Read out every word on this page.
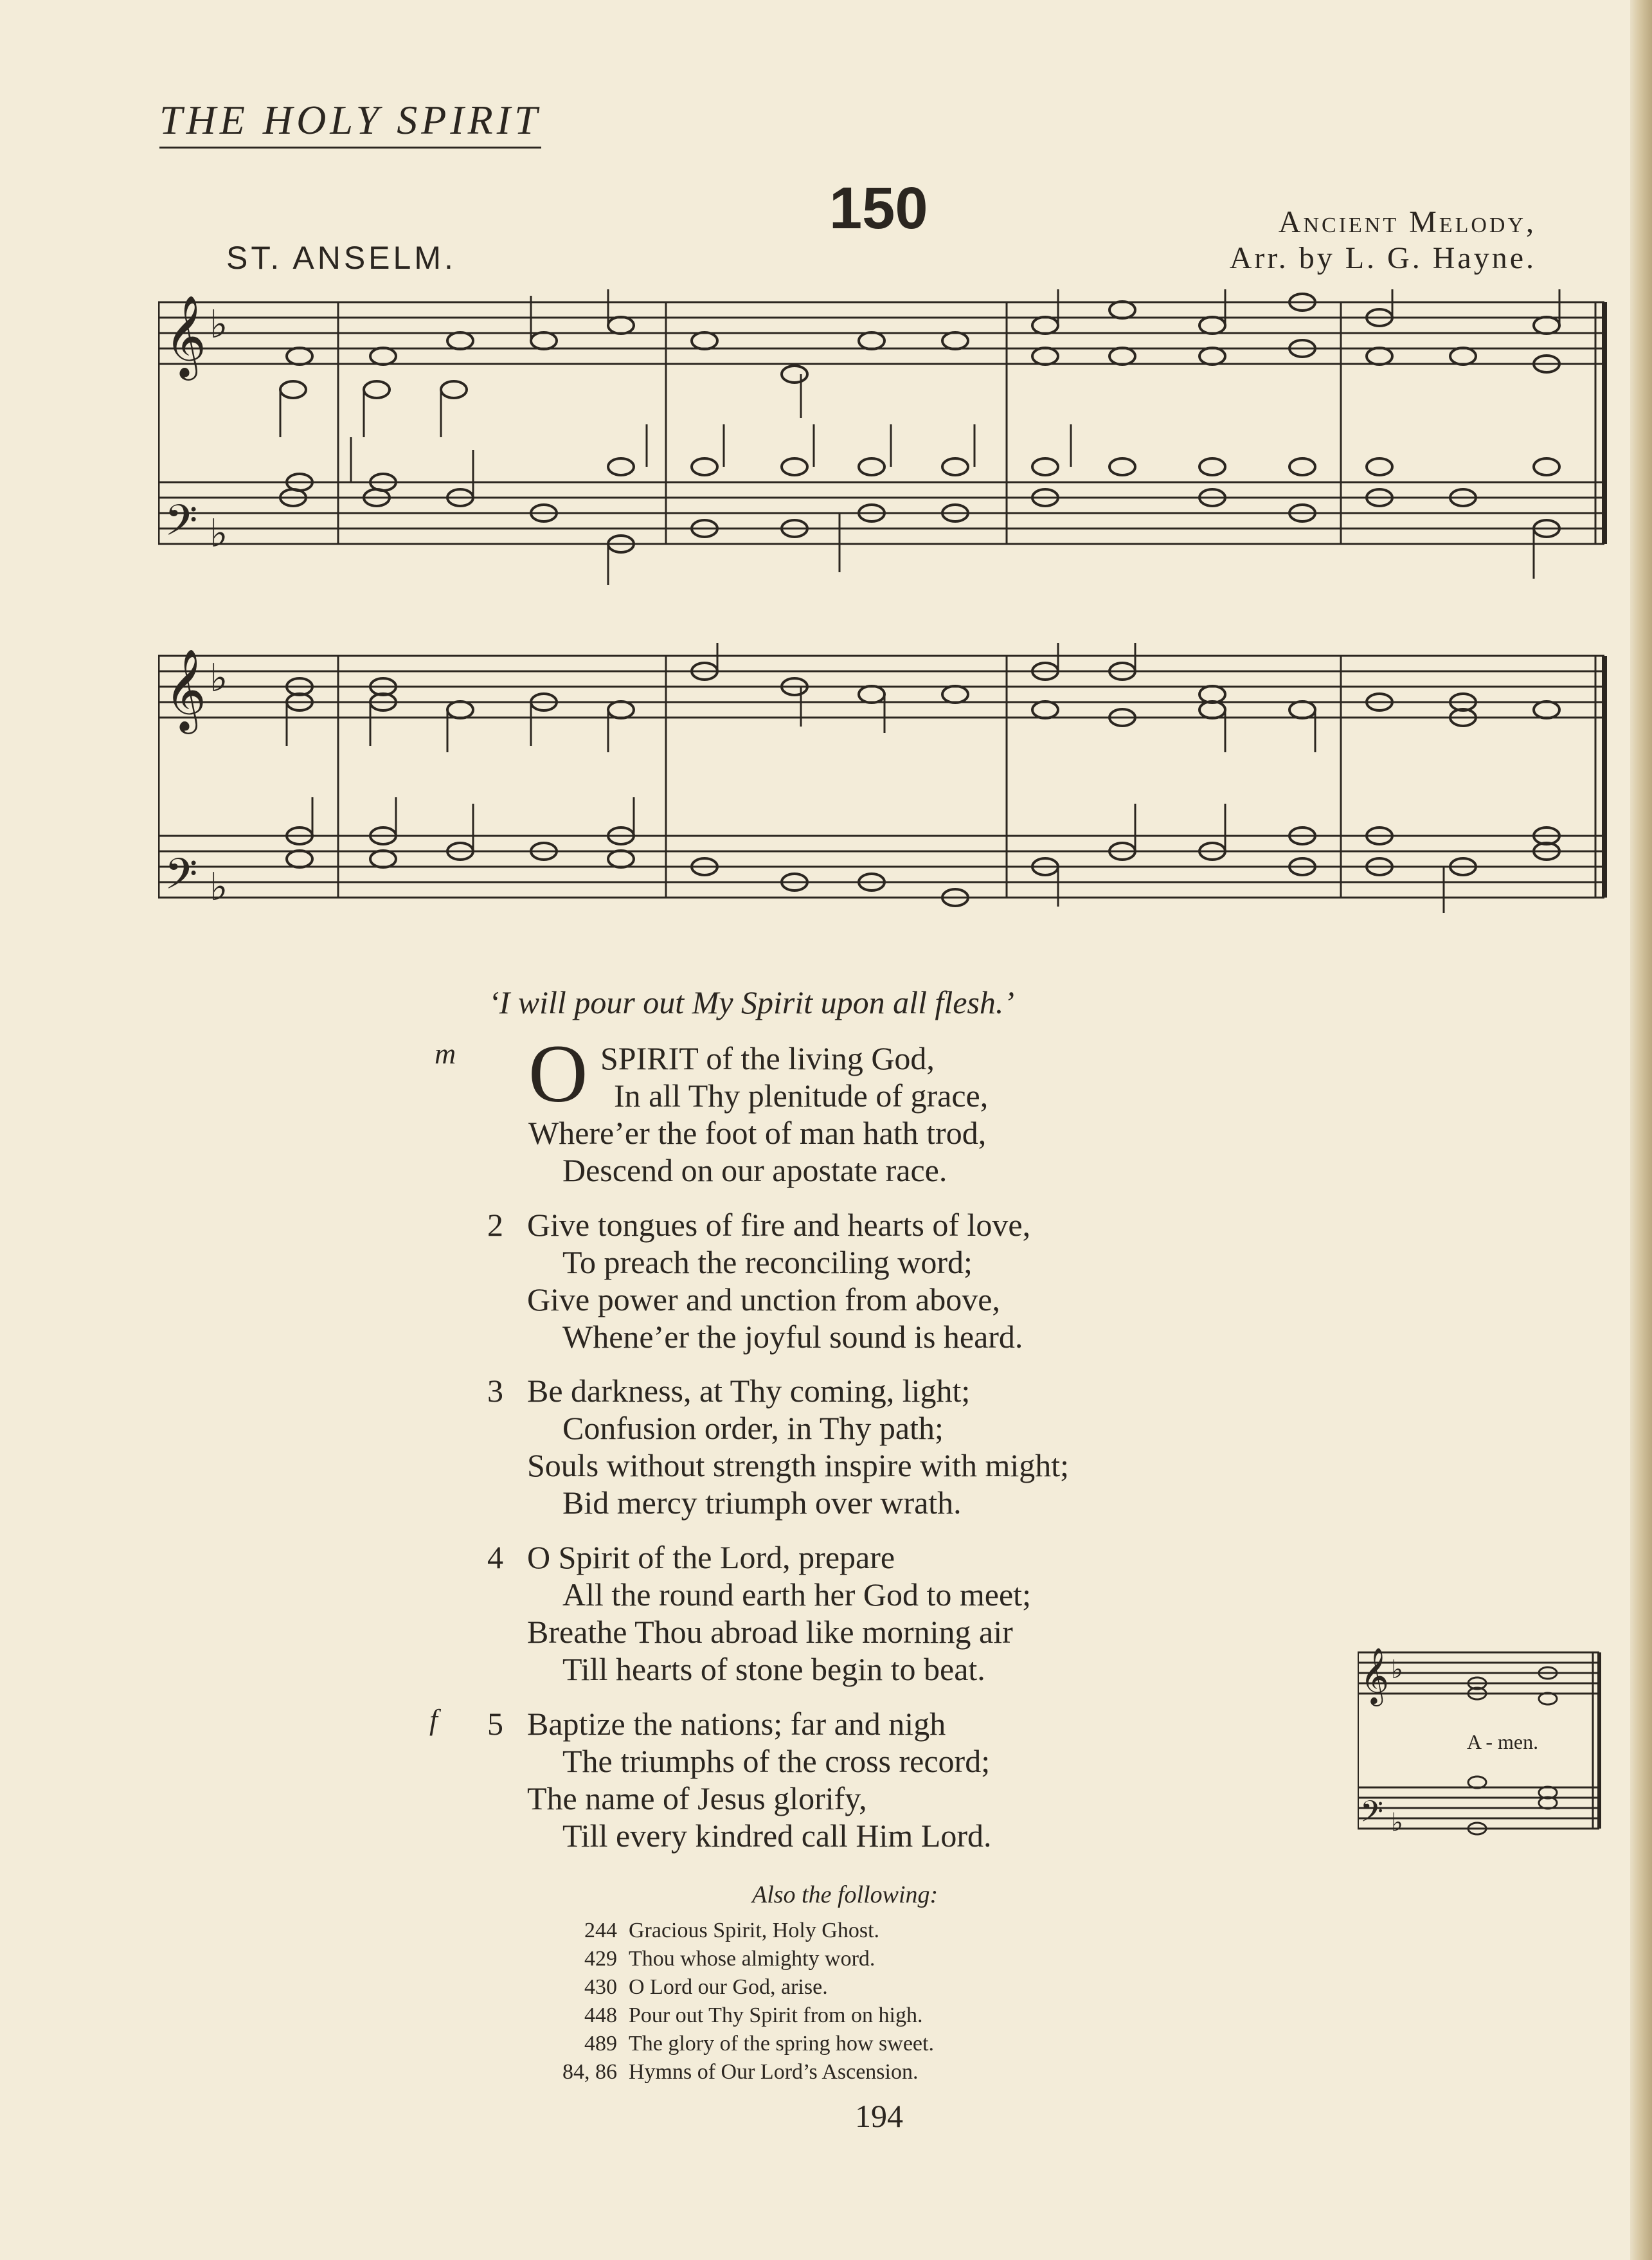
THE HOLY SPIRIT
150
ST. ANSELM.
Ancient Melody,
Arr. by L. G. Hayne.
𝄞 ♭
𝄢 ♭
𝄞 ♭
𝄢 ♭
‘I will pour out My Spirit upon all flesh.’
m
f
O SPIRIT of the living God,
In all Thy plenitude of grace,
Where’er the foot of man hath trod,
Descend on our apostate race.
2 Give tongues of fire and hearts of love,
To preach the reconciling word;
Give power and unction from above,
Whene’er the joyful sound is heard.
3 Be darkness, at Thy coming, light;
Confusion order, in Thy path;
Souls without strength inspire with might;
Bid mercy triumph over wrath.
4 O Spirit of the Lord, prepare
All the round earth her God to meet;
Breathe Thou abroad like morning air
Till hearts of stone begin to beat.
5 Baptize the nations; far and nigh
The triumphs of the cross record;
The name of Jesus glorify,
Till every kindred call Him Lord.
𝄞 ♭
𝄢 ♭
A - men.
Also the following:
244 Gracious Spirit, Holy Ghost.
429 Thou whose almighty word.
430 O Lord our God, arise.
448 Pour out Thy Spirit from on high.
489 The glory of the spring how sweet.
84, 86 Hymns of Our Lord’s Ascension.
194
